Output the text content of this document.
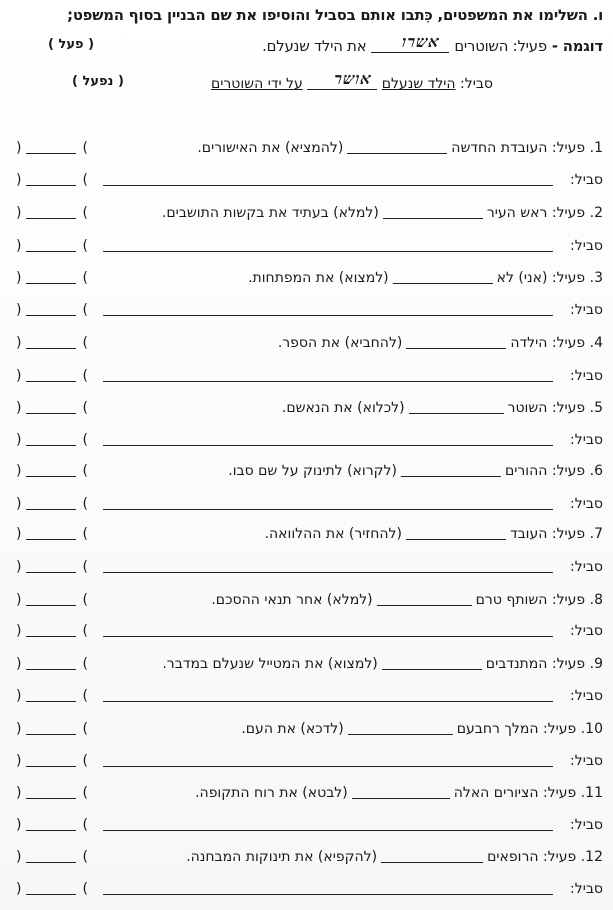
ו. השלימו את המשפטים, כִּתבו אותם בסביל והוסיפו את שם הבניין בסוף המשפט;
דוגמה - פעיל: השוטרים
אשרו
את הילד שנעלם.
( פעל )
סביל: הילד שנעלם
אושר
על ידי השוטרים
( נפעל )
1. פעיל: העובדת החדשה(להמציא) את האישורים.
(
)
סביל:
(
)
2. פעיל: ראש העיר(למלא) בעתיד את בקשות התושבים.
(
)
סביל:
(
)
3. פעיל: (אני) לא(למצוא) את המפתחות.
(
)
סביל:
(
)
4. פעיל: הילדה(להחביא) את הספר.
(
)
סביל:
(
)
5. פעיל: השוטר(לכלוא) את הנאשם.
(
)
סביל:
(
)
6. פעיל: ההורים(לקרוא) לתינוק על שם סבו.
(
)
סביל:
(
)
7. פעיל: העובד(להחזיר) את ההלוואה.
(
)
סביל:
(
)
8. פעיל: השותף טרם(למלא) אחר תנאי ההסכם.
(
)
סביל:
(
)
9. פעיל: המתנדבים(למצוא) את המטייל שנעלם במדבר.
(
)
סביל:
(
)
10. פעיל: המלך רחבעם(לדכא) את העם.
(
)
סביל:
(
)
11. פעיל: הציורים האלה(לבטא) את רוח התקופה.
(
)
סביל:
(
)
12. פעיל: הרופאים(להקפיא) את תינוקות המבחנה.
(
)
סביל:
(
)
